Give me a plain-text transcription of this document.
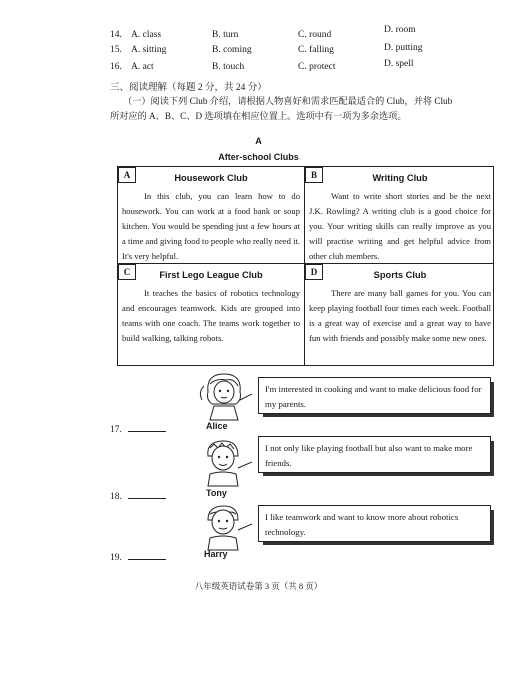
14. A. class	B. turn	C. round	D. room
15. A. sitting	B. coming	C. falling	D. putting
16. A. act	B. touch	C. protect	D. spell
三、阅读理解（每题 2 分，共 24 分）
（一）阅读下列 Club 介绍，请根据人物喜好和需求匹配最适合的 Club，并将 Club
所对应的 A、B、C、D 选项填在相应位置上。选项中有一项为多余选项。
A
After-school Clubs
A	Housework Club

In this club, you can learn how to do housework. You can work at a food bank or soup kitchen. You would be spending just a few hours at a time and giving food to people who really need it. It's very helpful.

B	Writing Club

Want to write short stories and be the next J.K. Rowling? A writing club is a good choice for you. Your writing skills can really improve as you will practise writing and get helpful advice from other club members.

C	First Lego League Club

It teaches the basics of robotics technology and encourages teamwork. Kids are grouped into teams with one coach. The teams work together to build walking, talking robots.

D	Sports Club

There are many ball games for you. You can keep playing football four times each week. Football is a great way of exercise and a great way to have fun with friends and possibly make some new ones.

I'm interested in cooking and want to make delicious food for my parents.
17.	Alice
I not only like playing football but also want to make more friends.
18.	Tony
I like teamwork and want to know more about robotics technology.
19.	Harry
八年级英语试卷第 3 页（共 8 页）
